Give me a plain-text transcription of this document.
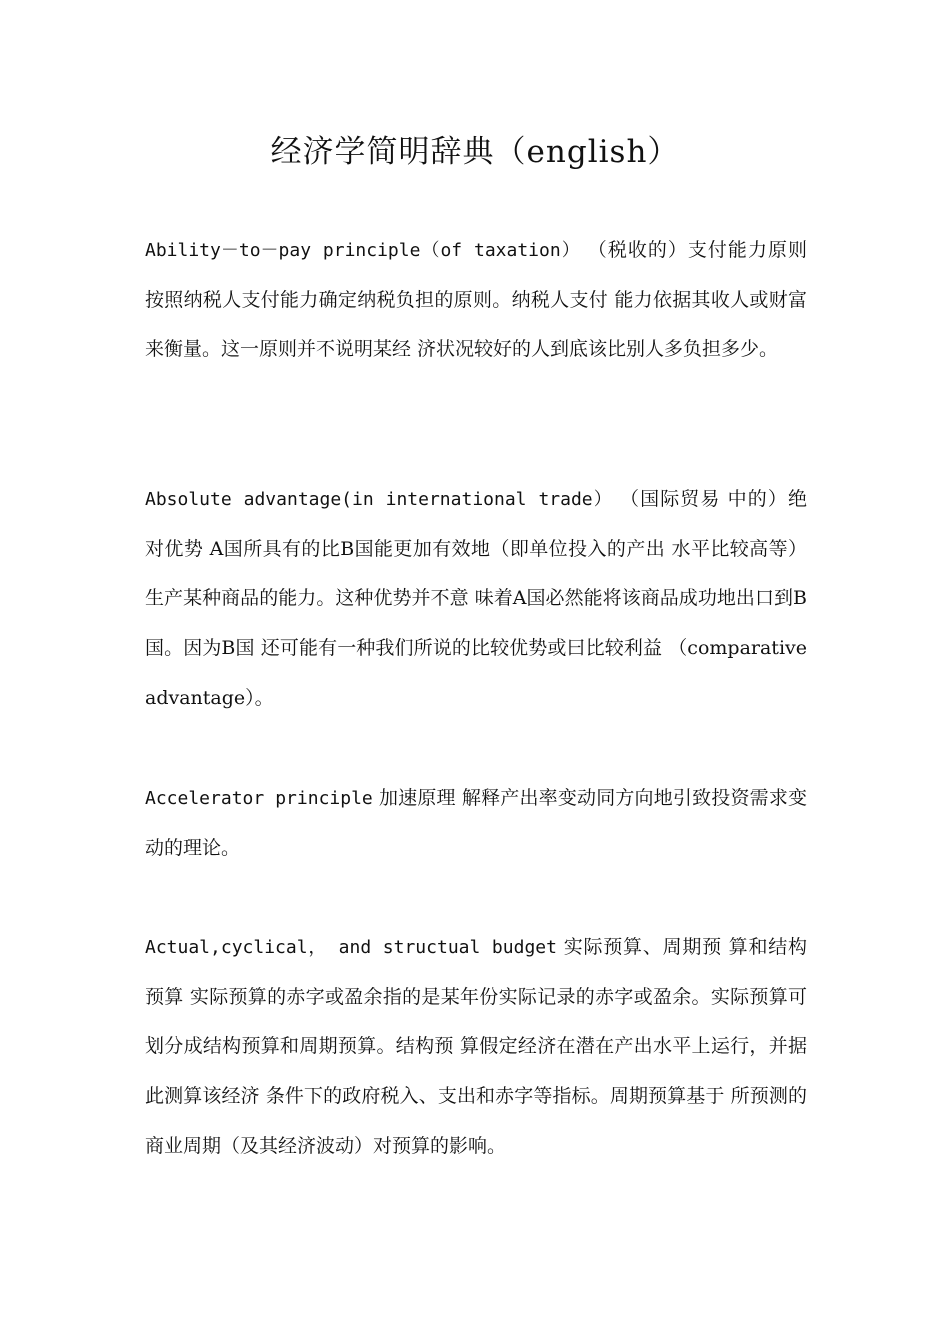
经济学简明辞典（english）

Ability－to－pay principle（of taxation） （税收的）支付能力原则 按照纳税人支付能力确定纳税负担的原则。纳税人支付 能力依据其收人或财富来衡量。这一原则并不说明某经 济状况较好的人到底该比别人多负担多少。

Absolute advantage(in international trade） （国际贸易 中的）绝对优势 A国所具有的比B国能更加有效地（即单位投入的产出 水平比较高等）生产某种商品的能力。这种优势并不意 味着A国必然能将该商品成功地出口到B国。因为B国 还可能有一种我们所说的比较优势或曰比较利益 （comparative advantage）。

Accelerator principle 加速原理 解释产出率变动同方向地引致投资需求变动的理论。

Actual,cyclical， and structual budget 实际预算、周期预 算和结构预算 实际预算的赤字或盈余指的是某年份实际记录的赤字或盈余。实际预算可划分成结构预算和周期预算。结构预 算假定经济在潜在产出水平上运行，并据此测算该经济 条件下的政府税入、支出和赤字等指标。周期预算基于 所预测的商业周期（及其经济波动）对预算的影响。
